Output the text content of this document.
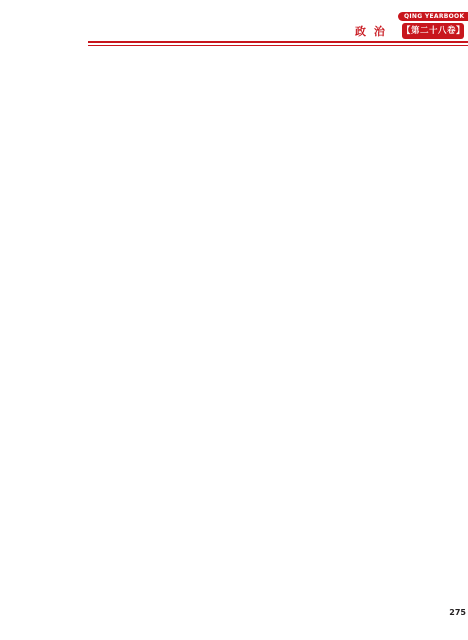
QING YEARBOOK
政 治 【第二十八卷】
275
